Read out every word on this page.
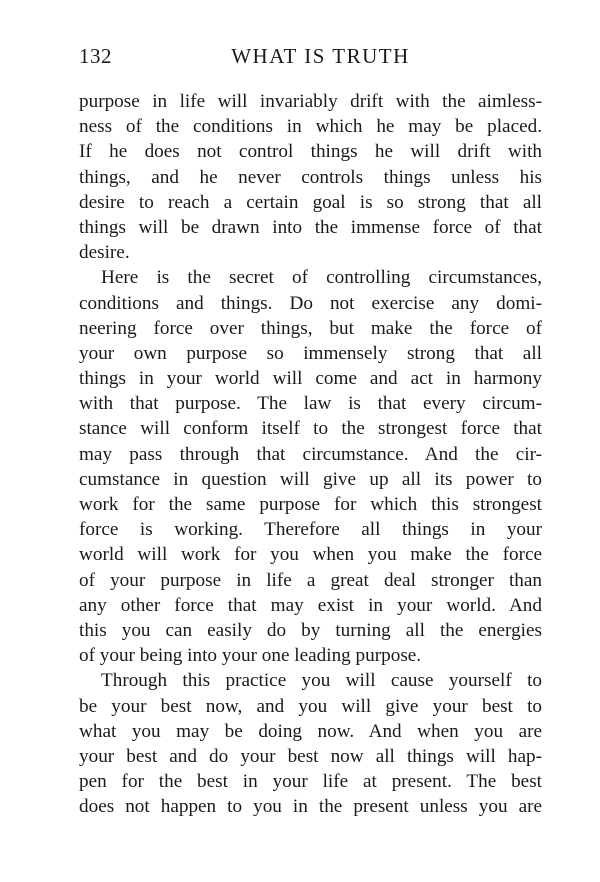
132	WHAT IS TRUTH
purpose in life will invariably drift with the aimless-
ness of the conditions in which he may be placed.
If he does not control things he will drift with
things, and he never controls things unless his
desire to reach a certain goal is so strong that all
things will be drawn into the immense force of that
desire.
Here is the secret of controlling circumstances,
conditions and things. Do not exercise any domi-
neering force over things, but make the force of
your own purpose so immensely strong that all
things in your world will come and act in harmony
with that purpose. The law is that every circum-
stance will conform itself to the strongest force that
may pass through that circumstance. And the cir-
cumstance in question will give up all its power to
work for the same purpose for which this strongest
force is working. Therefore all things in your
world will work for you when you make the force
of your purpose in life a great deal stronger than
any other force that may exist in your world. And
this you can easily do by turning all the energies
of your being into your one leading purpose.
Through this practice you will cause yourself to
be your best now, and you will give your best to
what you may be doing now. And when you are
your best and do your best now all things will hap-
pen for the best in your life at present. The best
does not happen to you in the present unless you are
